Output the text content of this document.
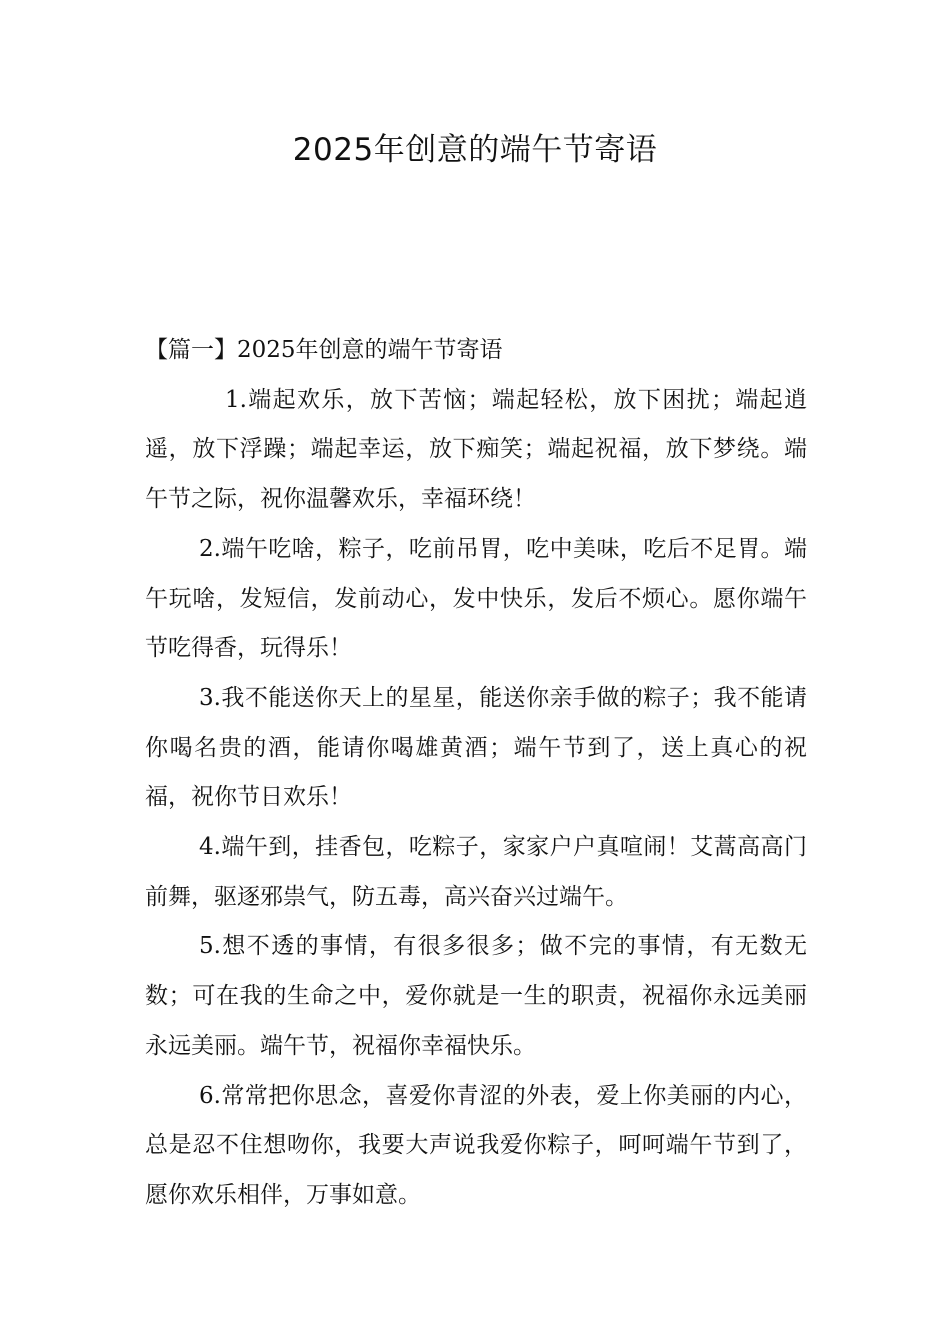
2025年创意的端午节寄语

【篇一】2025年创意的端午节寄语

1.端起欢乐，放下苦恼；端起轻松，放下困扰；端起逍遥，放下浮躁；端起幸运，放下痴笑；端起祝福，放下梦绕。端午节之际，祝你温馨欢乐，幸福环绕！

2.端午吃啥，粽子，吃前吊胃，吃中美味，吃后不足胃。端午玩啥，发短信，发前动心，发中快乐，发后不烦心。愿你端午节吃得香，玩得乐！

3.我不能送你天上的星星，能送你亲手做的粽子；我不能请你喝名贵的酒，能请你喝雄黄酒；端午节到了，送上真心的祝福，祝你节日欢乐！

4.端午到，挂香包，吃粽子，家家户户真喧闹！艾蒿高高门前舞，驱逐邪祟气，防五毒，高兴奋兴过端午。

5.想不透的事情，有很多很多；做不完的事情，有无数无数；可在我的生命之中，爱你就是一生的职责，祝福你永远美丽永远美丽。端午节，祝福你幸福快乐。

6.常常把你思念，喜爱你青涩的外表，爱上你美丽的内心，总是忍不住想吻你，我要大声说我爱你粽子，呵呵端午节到了，愿你欢乐相伴，万事如意。
